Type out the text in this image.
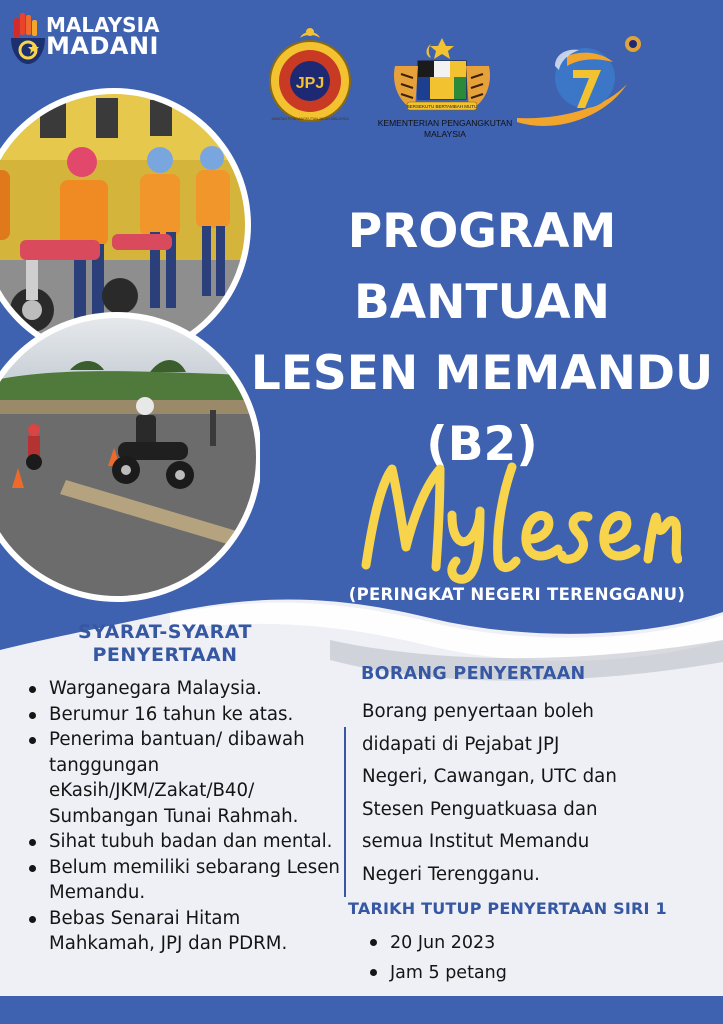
MALAYSIA
MADANI
JPJ
JABATAN PENGANGKUTAN JALAN MALAYSIA
BERSEKUTU BERTAMBAH MUTU
KEMENTERIAN PENGANGKUTAN
MALAYSIA
PROGRAM
BANTUAN
LESEN MEMANDU
(B2)
(PERINGKAT NEGERI TERENGGANU)
SYARAT-SYARAT
PENYERTAAN
Warganegara Malaysia.
Berumur 16 tahun ke atas.
Penerima bantuan/ dibawah tanggungan eKasih/JKM/Zakat/B40/ Sumbangan Tunai Rahmah.
Sihat tubuh badan dan mental.
Belum memiliki sebarang Lesen Memandu.
Bebas Senarai Hitam Mahkamah, JPJ dan PDRM.
BORANG PENYERTAAN
Borang penyertaan boleh
didapati di Pejabat JPJ
Negeri, Cawangan, UTC dan
Stesen Penguatkuasa dan
semua Institut Memandu
Negeri Terengganu.
TARIKH TUTUP PENYERTAAN SIRI 1
20 Jun 2023
Jam 5 petang
